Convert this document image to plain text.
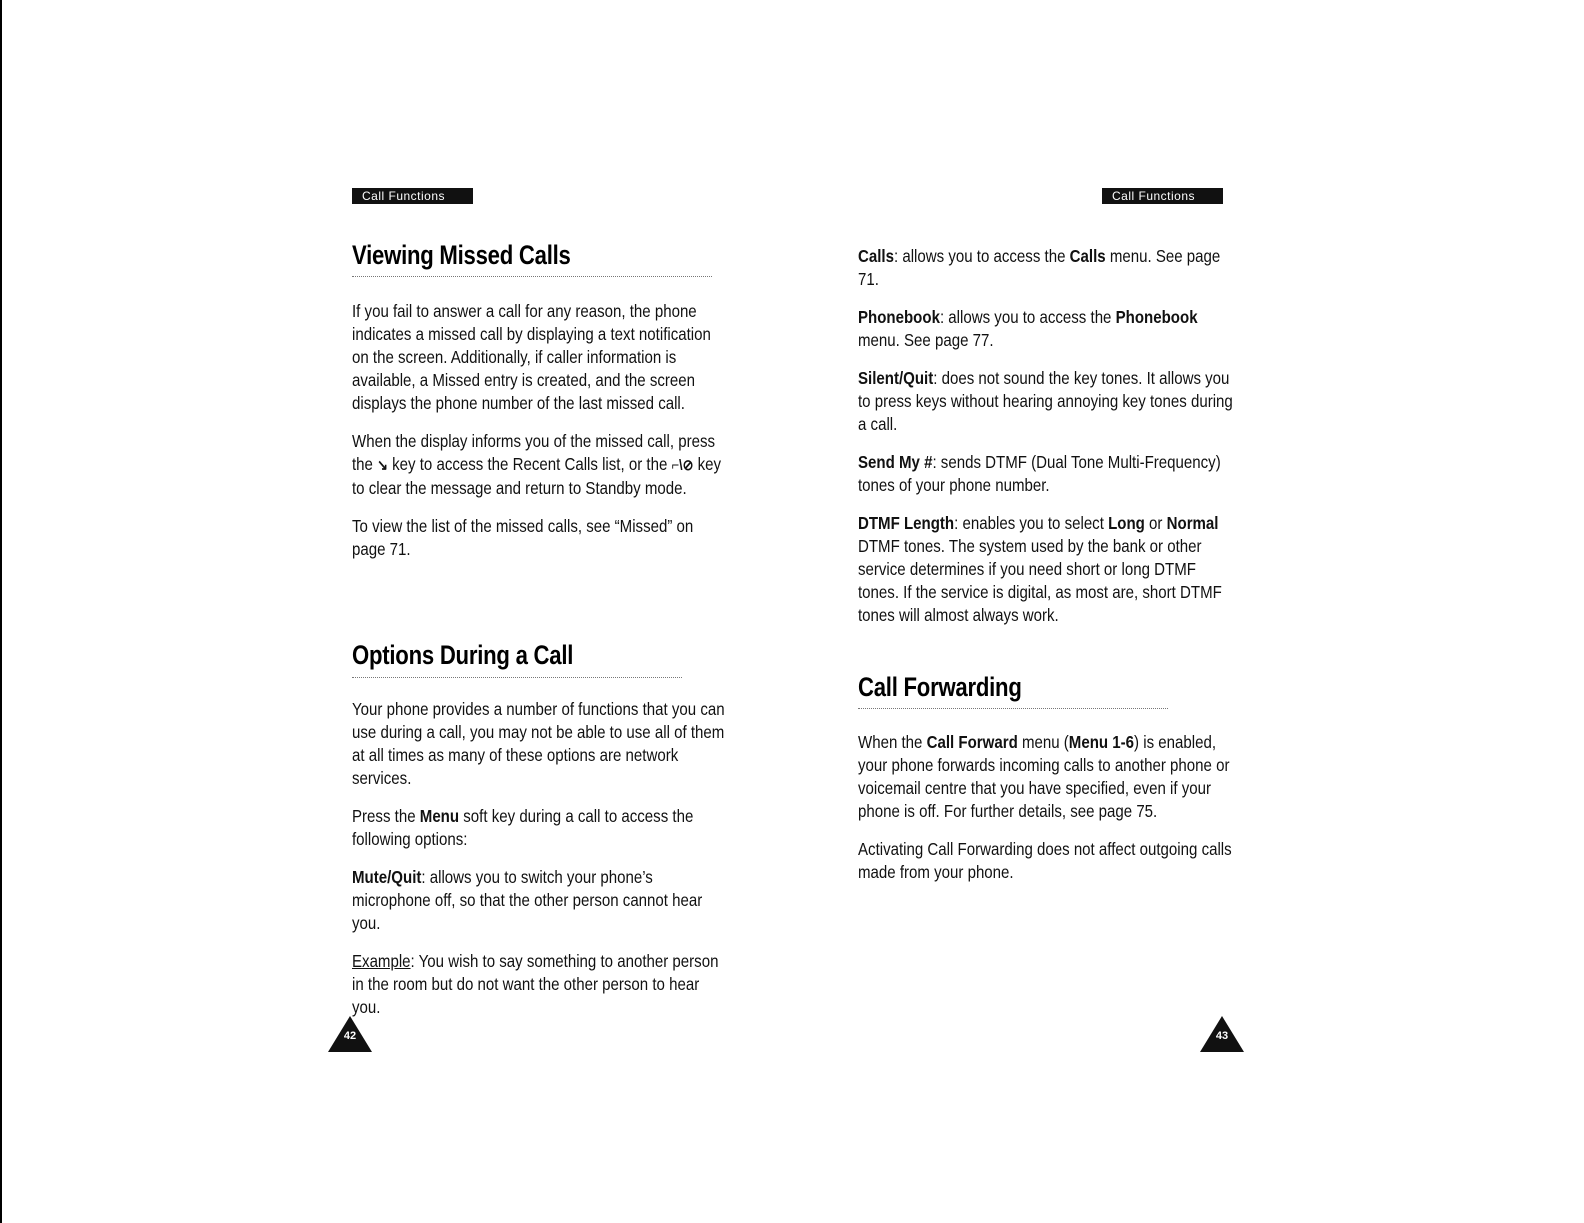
Call Functions
Viewing Missed Calls

If you fail to answer a call for any reason, the phone indicates a missed call by displaying a text notification on the screen. Additionally, if caller information is available, a Missed entry is created, and the screen displays the phone number of the last missed call.

When the display informs you of the missed call, press the ↘ key to access the Recent Calls list, or the ⌐\⊘ key to clear the message and return to Standby mode.

To view the list of the missed calls, see “Missed” on page 71.

Options During a Call

Your phone provides a number of functions that you can use during a call, you may not be able to use all of them at all times as many of these options are network services.

Press the Menu soft key during a call to access the following options:

Mute/Quit: allows you to switch your phone’s microphone off, so that the other person cannot hear you.

Example: You wish to say something to another person in the room but do not want the other person to hear you.

42
Call Functions

Calls: allows you to access the Calls menu. See page 71.

Phonebook: allows you to access the Phonebook menu. See page 77.

Silent/Quit: does not sound the key tones. It allows you to press keys without hearing annoying key tones during a call.

Send My #: sends DTMF (Dual Tone Multi-Frequency) tones of your phone number.

DTMF Length: enables you to select Long or Normal DTMF tones. The system used by the bank or other service determines if you need short or long DTMF tones. If the service is digital, as most are, short DTMF tones will almost always work.

Call Forwarding

When the Call Forward menu (Menu 1-6) is enabled, your phone forwards incoming calls to another phone or voicemail centre that you have specified, even if your phone is off. For further details, see page 75.

Activating Call Forwarding does not affect outgoing calls made from your phone.

43
